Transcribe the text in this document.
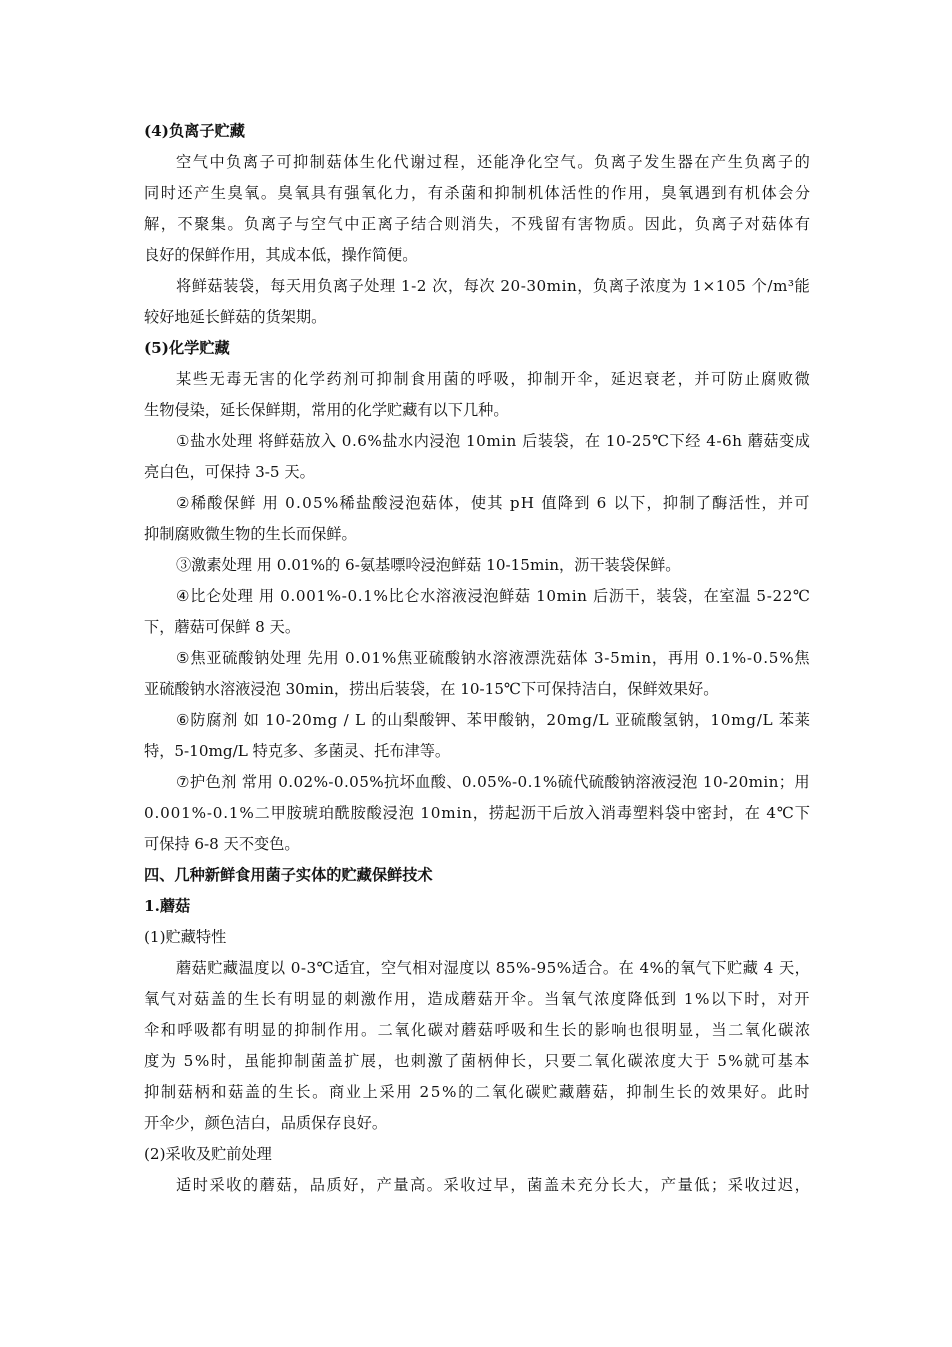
(4)负离子贮藏
空 气 中 负 离 子 可 抑 制 菇 体 生 化 代 谢 过 程 ， 还 能 净 化 空 气 。 负 离 子 发 生 器 在 产 生 负 离 子 的
同 时 还 产 生 臭 氧 。 臭 氧 具 有 强 氧 化 力 ， 有 杀 菌 和 抑 制 机 体 活 性 的 作 用 ， 臭 氧 遇 到 有 机 体 会 分
解 ， 不 聚 集 。 负 离 子 与 空 气 中 正 离 子 结 合 则 消 失 ， 不 残 留 有 害 物 质 。 因 此 ， 负 离 子 对 菇 体 有
良好的保鲜作用，其成本低，操作简便。
将 鲜 菇 装 袋 ， 每 天 用 负 离 子 处 理
1 - 2
次 ， 每 次
2 0 - 3 0 m i n ， 负 离 子 浓 度 为
1 × 1 0 5
个 / m ³ 能
较好地延长鲜菇的货架期。
(5)化学贮藏
某 些 无 毒 无 害 的 化 学 药 剂 可 抑 制 食 用 菌 的 呼 吸 ， 抑 制 开 伞 ， 延 迟 衰 老 ， 并 可 防 止 腐 败 微
生物侵染，延长保鲜期，常用的化学贮藏有以下几种。
① 盐 水 处 理
将 鲜 菇 放 入
0 . 6 % 盐 水 内 浸 泡
1 0 m i n
后 装 袋 ， 在
1 0 - 2 5 ℃ 下 经
4 - 6 h
蘑 菇 变 成
亮白色，可保持 3-5 天。
② 稀 酸 保 鲜
用
0 . 0 5 % 稀 盐 酸 浸 泡 菇 体 ， 使 其
p H
值 降 到
6
以 下 ， 抑 制 了 酶 活 性 ， 并 可
抑制腐败微生物的生长而保鲜。
③激素处理 用 0.01%的 6-氨基嘌呤浸泡鲜菇 10-15min，沥干装袋保鲜。
④ 比 仑 处 理
用
0 . 0 0 1 % - 0 . 1 % 比 仑 水 溶 液 浸 泡 鲜 菇
1 0 m i n
后 沥 干 ， 装 袋 ， 在 室 温
5 - 2 2 ℃
下，蘑菇可保鲜 8 天。
⑤ 焦 亚 硫 酸 钠 处 理
先 用
0 . 0 1 % 焦 亚 硫 酸 钠 水 溶 液 漂 洗 菇 体
3 - 5 m i n ， 再 用
0 . 1 % - 0 . 5 % 焦
亚硫酸钠水溶液浸泡 30min，捞出后装袋，在 10-15℃下可保持洁白，保鲜效果好。
⑥ 防 腐 剂
如
1 0 - 2 0 m g
/
L
的 山 梨 酸 钾 、 苯 甲 酸 钠 ， 2 0 m g / L
亚 硫 酸 氢 钠 ， 1 0 m g / L
苯 莱
特，5-10mg/L 特克多、多菌灵、托布津等。
⑦ 护 色 剂
常 用
0 . 0 2 % - 0 . 0 5 % 抗 坏 血 酸 、 0 . 0 5 % - 0 . 1 % 硫 代 硫 酸 钠 溶 液 浸 泡
1 0 - 2 0 m i n ； 用
0 . 0 0 1 % - 0 . 1 % 二 甲 胺 琥 珀 酰 胺 酸 浸 泡
1 0 m i n ， 捞 起 沥 干 后 放 入 消 毒 塑 料 袋 中 密 封 ， 在
4 ℃ 下
可保持 6-8 天不变色。
四、几种新鲜食用菌子实体的贮藏保鲜技术
1.蘑菇
(1)贮藏特性
蘑 菇 贮 藏 温 度 以
0 - 3 ℃ 适 宜 ， 空 气 相 对 湿 度 以
8 5 % - 9 5 % 适 合 。 在
4 % 的 氧 气 下 贮 藏
4
天 ，
氧 气 对 菇 盖 的 生 长 有 明 显 的 刺 激 作 用 ， 造 成 蘑 菇 开 伞 。 当 氧 气 浓 度 降 低 到
1 % 以 下 时 ， 对 开
伞 和 呼 吸 都 有 明 显 的 抑 制 作 用 。 二 氧 化 碳 对 蘑 菇 呼 吸 和 生 长 的 影 响 也 很 明 显 ， 当 二 氧 化 碳 浓
度 为
5 % 时 ， 虽 能 抑 制 菌 盖 扩 展 ， 也 刺 激 了 菌 柄 伸 长 ， 只 要 二 氧 化 碳 浓 度 大 于
5 % 就 可 基 本
抑 制 菇 柄 和 菇 盖 的 生 长 。 商 业 上 采 用
2 5 % 的 二 氧 化 碳 贮 藏 蘑 菇 ， 抑 制 生 长 的 效 果 好 。 此 时
开伞少，颜色洁白，品质保存良好。
(2)采收及贮前处理
适 时 采 收 的 蘑 菇 ， 品 质 好 ， 产 量 高 。 采 收 过 早 ， 菌 盖 未 充 分 长 大 ， 产 量 低 ； 采 收 过 迟 ，
